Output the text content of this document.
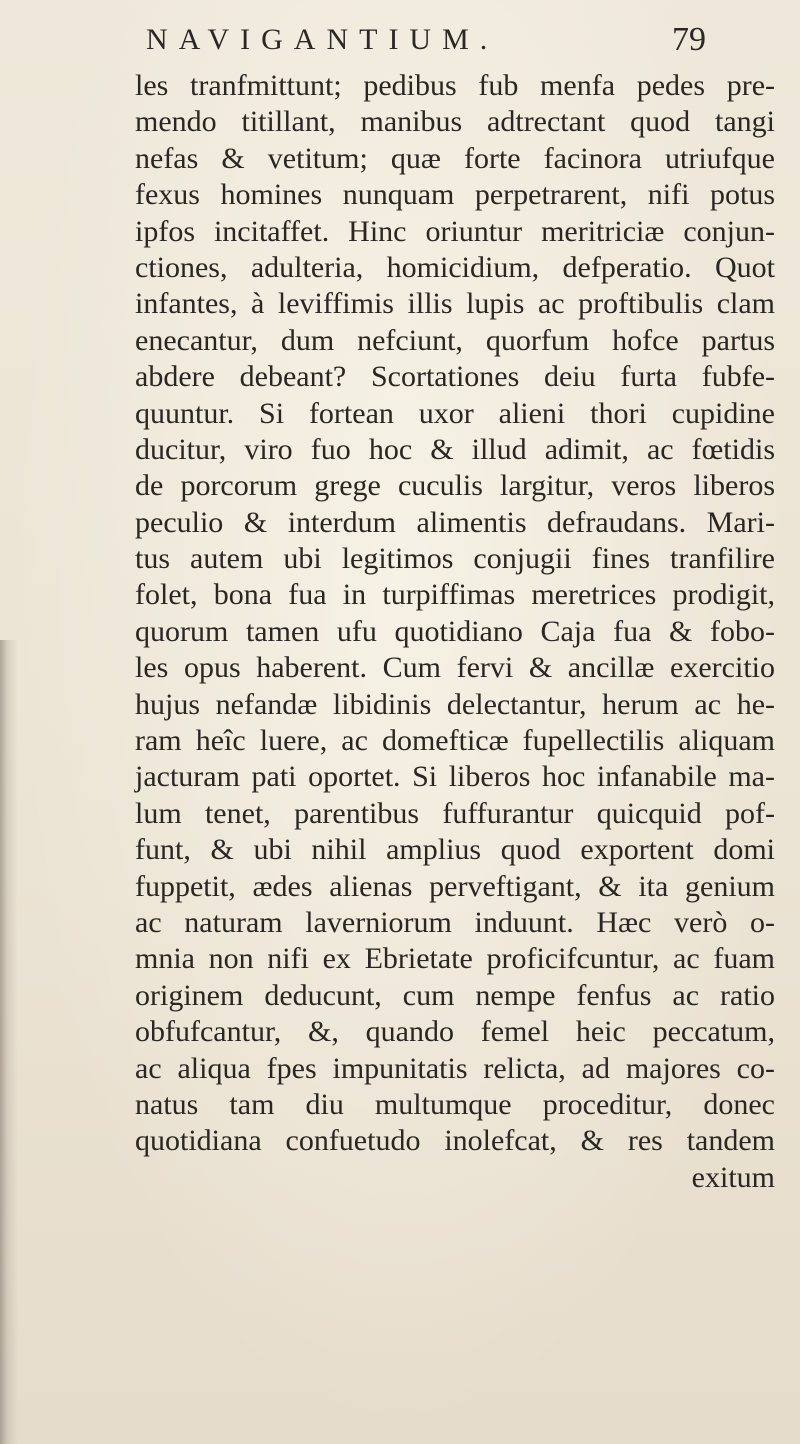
NAVIGANTIUM.	79
les tranfmittunt; pedibus fub menfa pedes pre-
mendo titillant, manibus adtrectant quod tangi
nefas & vetitum; quæ forte facinora utriufque
fexus homines nunquam perpetrarent, nifi potus
ipfos incitaffet. Hinc oriuntur meritriciæ conjun-
ctiones, adulteria, homicidium, defperatio. Quot
infantes, à leviffimis illis lupis ac proftibulis clam
enecantur, dum nefciunt, quorfum hofce partus
abdere debeant? Scortationes deiu furta fubfe-
quuntur. Si fortean uxor alieni thori cupidine
ducitur, viro fuo hoc & illud adimit, ac fœtidis
de porcorum grege cuculis largitur, veros liberos
peculio & interdum alimentis defraudans. Mari-
tus autem ubi legitimos conjugii fines tranfilire
folet, bona fua in turpiffimas meretrices prodigit,
quorum tamen ufu quotidiano Caja fua & fobo-
les opus haberent. Cum fervi & ancillæ exercitio
hujus nefandæ libidinis delectantur, herum ac he-
ram heîc luere, ac domefticæ fupellectilis aliquam
jacturam pati oportet. Si liberos hoc infanabile ma-
lum tenet, parentibus fuffurantur quicquid pof-
funt, & ubi nihil amplius quod exportent domi
fuppetit, ædes alienas perveftigant, & ita genium
ac naturam laverniorum induunt. Hæc verò o-
mnia non nifi ex Ebrietate proficifcuntur, ac fuam
originem deducunt, cum nempe fenfus ac ratio
obfufcantur, &, quando femel heic peccatum,
ac aliqua fpes impunitatis relicta, ad majores co-
natus tam diu multumque proceditur, donec
quotidiana confuetudo inolefcat, & res tandem
exitum
